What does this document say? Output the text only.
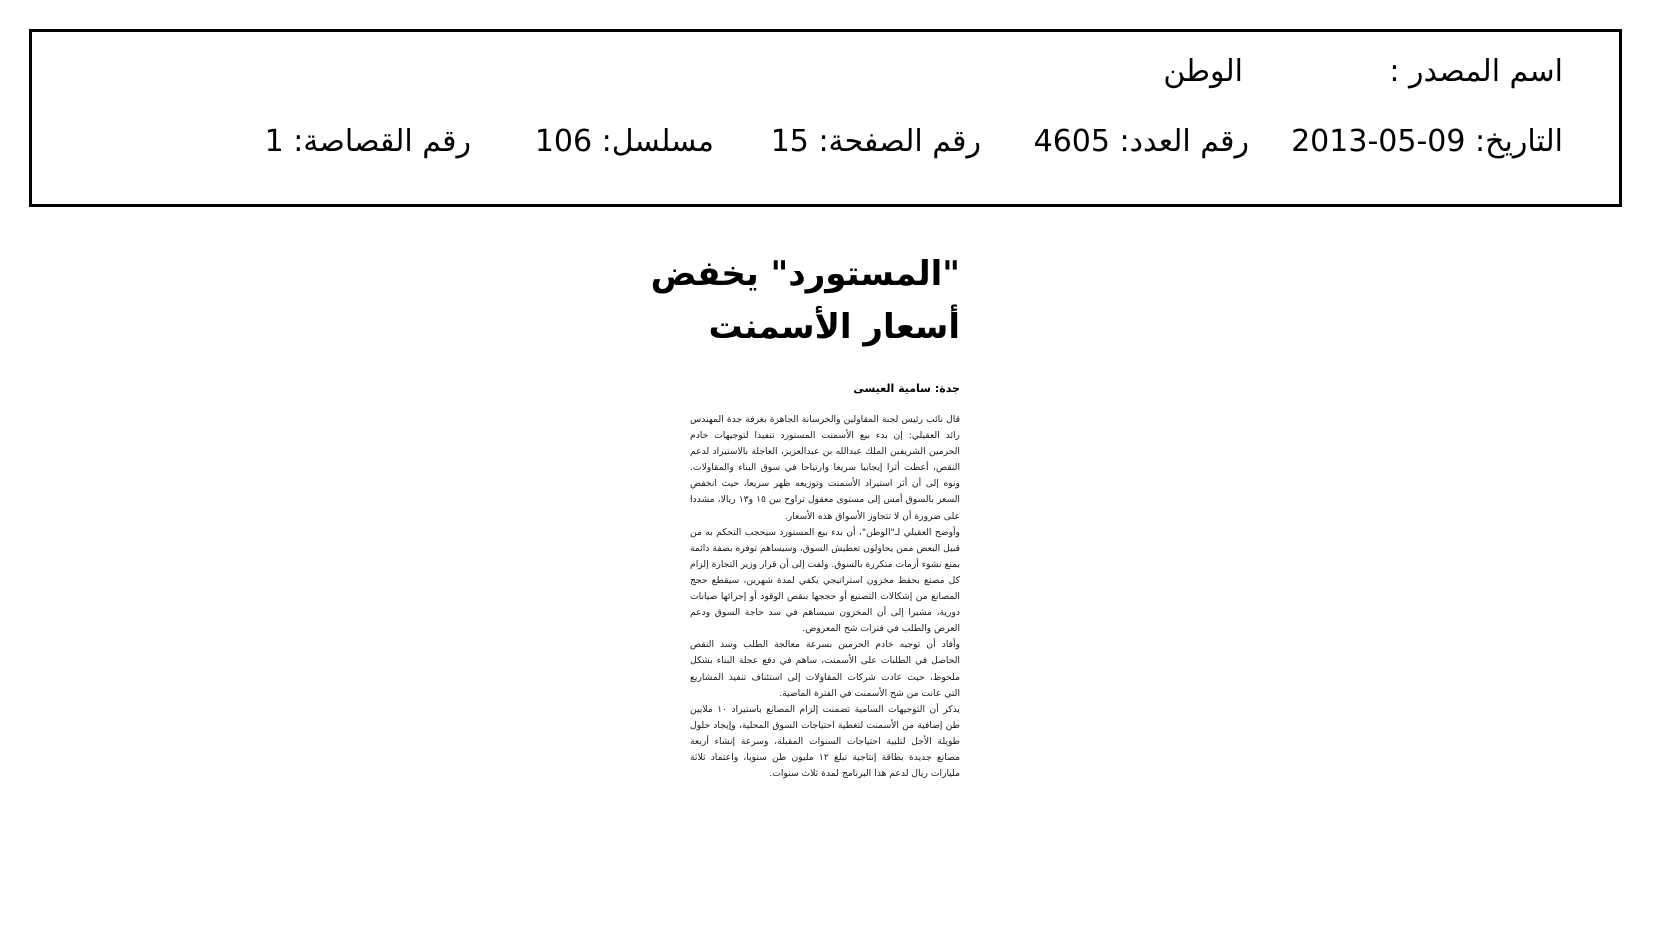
اسم المصدر :
الوطن
التاريخ: 09-05-2013
رقم العدد: 4605
رقم الصفحة: 15
مسلسل: 106
رقم القصاصة: 1
"المستورد" يخفض
أسعار الأسمنت
جدة: سامية العيسى

قال نائب رئيس لجنة المقاولين والخرسانة الجاهزة بغرفة جدة المهندس رائد العقيلي: إن بدء بيع الأسمنت المستورد تنفيذا لتوجيهات خادم الحرمين الشريفين الملك عبدالله بن عبدالعزيز، العاجلة بالاستيراد لدعم النقص، أعطت أثرا إيجابيا سريعا وارتياحا في سوق البناء والمقاولات. ونوه إلى أن أثر استيراد الأسمنت وتوزيعه ظهر سريعا، حيث انخفض السعر بالسوق أمس إلى مستوى معقول تراوح بين ١٥ و١٣ ريالا، مشددا على ضرورة أن لا تتجاوز الأسواق هذه الأسعار.

وأوضح العقيلي لـ"الوطن"، أن بدء بيع المستورد سيحجب التحكم به من قبيل البعض ممن يحاولون تعطيش السوق، وسيساهم توفره بصفة دائمة بمنع نشوء أزمات متكررة بالسوق. ولفت إلى أن قرار وزير التجارة إلزام كل مصنع بحفظ مخزون استراتيجي يكفي لمدة شهرين، سيقطع حجج المصانع من إشكالات التصنيع أو حججها بنقص الوقود أو إجرائها صيانات دورية، مشيرا إلى أن المخزون سيساهم في سد حاجة السوق ودعم العرض والطلب في فترات شح المعروض.

وأفاد أن توجيه خادم الحرمين بسرعة معالجة الطلب وسد النقص الحاصل في الطلبات على الأسمنت، ساهم في دفع عجلة البناء بشكل ملحوظ، حيث عادت شركات المقاولات إلى استئناف تنفيذ المشاريع التي عانت من شح الأسمنت في الفترة الماضية.

يذكر أن التوجيهات السامية تضمنت إلزام المصانع باستيراد ١٠ ملايين طن إضافية من الأسمنت لتغطية احتياجات السوق المحلية، وإيجاد حلول طويلة الأجل لتلبية احتياجات السنوات المقبلة، وسرعة إنشاء أربعة مصانع جديدة بطاقة إنتاجية تبلغ ١٢ مليون طن سنويا، واعتماد ثلاثة مليارات ريال لدعم هذا البرنامج لمدة ثلاث سنوات.
